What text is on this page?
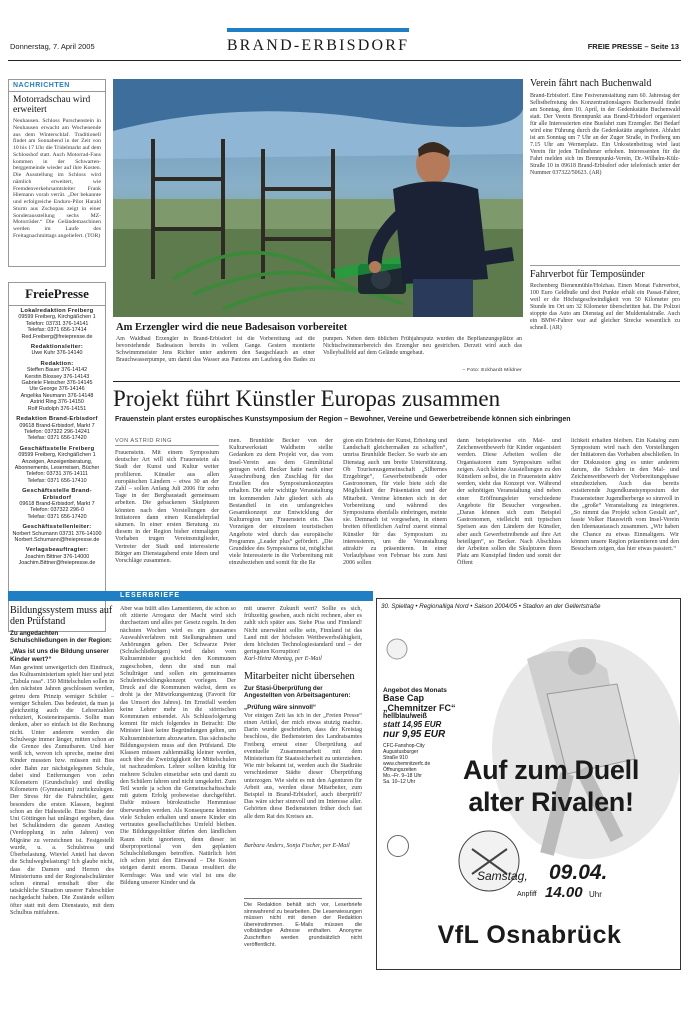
Donnerstag, 7. April 2005	BRAND-ERBISDORF	FREIE PRESSE – Seite 13
NACHRICHTEN
Motorradschau wird erweitert
Neuhausen. Schloss Purschenstein in Neuhausen erwacht am Wochenende aus dem Winterschlaf. Traditionell findet am Sonnabend in der Zeit von 10 bis 17 Uhr die Tridelmarkt auf dem Schlosshof statt. Auch Motorrad-Fans kommen in der Schwartenberggemeinde wieder auf ihre Kosten. Die Ausstellung im Schloss wird nämlich erweitert, wie Fremdenverkehrsamtsleiter Frank Hiemann vorab verrät. „Der bekannte und erfolgreiche Enduro-Pilot Harald Sturm aus Zschopau zeigt in einer Sonderausstellung sechs MZ-Motorräder.“ Die Geländemaschinen werden im Laufe des Freitagnachmittags angeliefert. (TOR)
FreiePresse
Lokalredaktion Freiberg
09599 Freiberg, Kirchgäßchen 1
Telefon: 03731 376-14141
Telefax: 0371 656-17414
Red.Freiberg@freiepresse.de
Redaktionsleiter:
Uwe Kuhr 376-14140
Redaktion:
Steffen Bauer 376-14142
Kerstin Blossey 376-14143
Gabriele Fleischer 376-14145
Ute George 376-14146
Angelika Neumann 376-14148
Astrid Ring 376-14150
Rolf Rudolph 376-14151
Redaktion Brand-Erbisdorf
09618 Brand-Erbisdorf, Markt 7
Telefon: 037322 296-14241
Telefax: 0371 656-17420
Geschäftsstelle Freiberg
09599 Freiberg, Kirchgäßchen 1
Anzeigen, Anzeigenberatung,
Abonnements, Leserreisen, Bücher
Telefon: 03731 376-14111
Telefax: 0371 656-17410
Geschäftsstelle Brand-Erbisdorf
09618 Brand-Erbisdorf, Markt 7
Telefon: 037322 296-0
Telefax: 0371 656-17420
Geschäftsstellenleiter:
Norbert Schumann 03731 376-14100
Norbert.Schumann@freiepresse.de
Verlagsbeauftragter:
Joachim Bittner 376-14000
Joachim.Bittner@freiepresse.de
Am Erzengler wird die neue Badesaison vorbereitet
Am Waldbad Erzengler in Brand-Erbisdorf ist die Vorbereitung auf die bevorstehende Badesaison bereits in vollem Gange. Gestern montierte Schwimmmeister Jens Richter unter anderem den Saugschlauch an einer Brauchwasserpumpe, um damit das Wasser aus Pantons am Laufsteg des Bades zu pumpen. Neben dem üblichen Frühjahrsputz wurden die Bepflanzungsplätze an Nichtschwimmerbereich des Erzengler neu gestrichen. Derzeit wird auch das Volleyballfeld auf dem Gelände umgebaut.
– Foto: Eckhardt Mildner
Verein fährt nach Buchenwald
Brand-Erbisdorf. Eine Festveranstaltung zum 60. Jahrestag der Selbstbefreiung des Konzentrationslagers Buchenwald findet am Sonntag, dem 10. April, in der Gedenkstätte Buchenwald statt. Der Verein Brennpunkt aus Brand-Erbisdorf organisiert für alle Interessierten eine Busfahrt zum Erzengler. Bei Bedarf wird eine Führung durch die Gedenkstätte angeboten. Abfahrt ist am Sonntag um 7 Uhr an der Zuger Straße, in Freiberg um 7.15 Uhr am Wernerplatz. Ein Unkostenbeitrag wird laut Verein für jeden Teilnehmer erhoben. Interessenten für die Fahrt melden sich im Brennpunkt-Verein, Dr.-Wilhelm-Külz-Straße 10 in 09618 Brand-Erbisdorf oder telefonisch unter der Nummer 037322/50623. (AR)
Fahrverbot für Temposünder
Rechenberg Bienenmühle/Holzhau. Einen Monat Fahrverbot, 100 Euro Geldbuße und drei Punkte erhält ein Passat-Fahrer, weil er die Höchstgeschwindigkeit von 50 Kilometer pro Stunde im Ort um 32 Kilometer überschritten hat. Die Polizei stoppte das Auto am Dienstag auf der Muldentalstraße. Auch ein BMW-Fahrer war auf gleicher Strecke wesentlich zu schnell. (AR)
Projekt führt Künstler Europas zusammen
Frauenstein plant erstes europäisches Kunstsymposium der Region – Bewohner, Vereine und Gewerbetreibende können sich einbringen
VON ASTRID RING
Frauenstein. Mit einem Symposium deutscher Art will sich Frauenstein als Stadt der Kunst und Kultur weiter profilieren. Künstler aus allen europäischen Ländern – etwa 30 an der Zahl – sollen Anfang Juli 2006 für zehn Tage in der Bergbaustadt gemeinsam arbeiten. Die gebackenen Skulpturen könnten nach den Vorstellungen der Initiatoren dann einen Kunstlehrpfad säumen. In einer ersten Beratung zu diesem in der Region bisher einmaligen Vorhaben trugen Vereinsmitglieder, Vertreter der Stadt und interessierte Bürger am Dienstagabend erste Ideen und Vorschläge zusammen.
men. Brunhilde Becker von der Kulturwerkstatt Waldheim stellte Gedanken zu dem Projekt vor, das vom Insel-Verein aus dem Gimmlitztal getragen wird. Becker hatte nach einer Ausschreibung den Zuschlag für das Erstellen des Symposiumkonzeptes erhalten. Die sehr wichtige Veranstaltung im kommenden Jahr gliedert sich als Bestandteil in ein umfangreiches Gesamtkonzept zur Entwicklung der Kulturregion um Frauenstein ein. Das Vorzeigen der einzelnen touristischen Angebote wird durch das europäische Programm „Leader plus“ gefördert. „Die Grundidee des Symposiums ist, möglichst viele Interessierte in die Vorbereitung mit einzubeziehen und somit für die Re
gion ein Erlebnis der Kunst, Erholung und Landschaft gleichermaßen zu schaffen“, umriss Brunhilde Becker. So warb sie am Dienstag auch um breite Unterstützung. Ob Tourismusgemeinschaft „Silbernes Erzgebirge“, Gewerbetreibende oder Gastronomen, für viele biete sich die Möglichkeit der Präsentation und der Mitarbeit. Vereine könnten sich in der Vorbereitung und während des Symposiums ebenfalls einbringen, meinte sie. Demnach ist vorgesehen, in einem breiten öffentlichen Aufruf zuerst einmal Künstler für das Symposium zu interessieren, um die Veranstaltung attraktiv zu präsentieren. In einer Vorlaufphase von Februar bis zum Juni 2006 sollen
dann beispielsweise ein Mal- und Zeichenwettbewerb für Kinder organisiert werden. Diese Arbeiten wollen die Organisatoren zum Symposium selbst zeigen. Auch kleine Ausstellungen zu den Künstlern selbst, die in Frauenstein aktiv werden, sieht das Konzept vor. Während der sehnötigen Veranstaltung sind neben einer Eröffnungsfeier verschiedene Angebote für Besucher vorgesehen. „Daran können sich zum Beispiel Gastronomen, vielleicht mit typischen Speisen aus den Ländern der Künstler, aber auch Gewerbetreibende auf ihre Art beteiligen“, so Becker. Nach Abschluss der Arbeiten sollen die Skulpturen ihren Platz am Kunstpfad finden und somit der Öffent
lichkeit erhalten bleiben. Ein Katalog zum Symposium wird nach den Vorstellungen der Initiatoren das Vorhaben abschließen. In der Diskussion ging es unter anderem darum, die Schulen in den Mal- und Zeichenwettbewerb der Vorbereitungsphase einzubeziehen. Auch das bereits existierende Jugendkunstsymposium der Frauensteiner Jugendherberge so sinnvoll in die „große“ Veranstaltung zu integrieren. „So nimmt das Projekt schon Gestalt an“, fasste Volker Hauswirth vom Insel-Verein den Ideenaustausch zusammen. „Wir haben die Chance zu etwas Einmaligem. Wir können unsere Region präsentieren und den Besuchern zeigen, das hier etwas passiert.“
LESERBRIEFE
Bildungssystem muss auf den Prüfstand
Zu angedachten Schulschließungen in der Region:
„Was ist uns die Bildung unserer Kinder wert?“
Man gewinnt unweigerlich den Eindruck, das Kultusministerium spielt hier und jetzt „Tabula rasa“. 150 Mittelschulen sollen in den nächsten Jahren geschlossen werden, getreu dem Prinzip weniger Schüler – weniger Schulen. Das bedeutet, da man ja gleichzeitig auch die Lehrerzahlen reduziert, Kosteneinsparnis. Sollte man denken, aber so einfach ist die Rechnung nicht. Unter anderem werden die Schulwege immer länger, mitten schon an die Grenze des Zumutbaren. Und hier weiß ich, wovon ich spreche, meine drei Kinder mussten bzw. müssen mit Bus oder Bahn zur nächstgelegenen Schule, dabei sind Entfernungen von zehn Kilometern (Grundschule) und dreißig Kilometern (Gymnasium) zurückzulegen. Der Stress für die Fahrschüler, ganz besonders die ersten Klassen, beginnt schon an der Haltestelle. Eine Studie der Uni Göttingen hat unlängst ergeben, dass bei Schulkindern die ganzen Anstieg (Verdopplung in zehn Jahren) von Migräne zu verzeichnen ist. Festgestellt wurde, u. a. Schulstress und Überbelastung. Wieviel Anteil hat davon die Schulwegbelastung? Ich glaube nicht, dass die Damen und Herren des Ministeriums und der Regionalschulämter schon einmal ernsthaft über die tatsächliche Situation unserer Fahrschüler nachgedacht haben. Die Zustände sollten öfter statt mit dem Dienstauto, mit dem Schulbus mitfahren.
Aber was hülft alles Lamentieren, die schon so oft zitierte Arroganz der Macht wird sich durchsetzen und alles per Gesetz regeln. In den nächsten Wochen wird es ein grausames Auswahlverfahren mit Stellungnahmen und Anhörungen geben. Der Schwarze Peter (Schulschließungen) wird dabei vom Kultusminister geschickt den Kommunen zugeschoben, denn die sind nun mal Schulträger und sollen ein gemeinsames Schulentwicklungskonzept vorlegen. Der Druck auf die Kommunen wächst, denn es droht ja der Mitwirkungsentzug (Favorit für das Umsort des Jahres). Im Ernstfall werden keine Lehrer mehr in die störrischen Kommunen entsendet. Als Schlussfolgerung kommt für mich folgendes in Betracht: Die Minister lässt keine Begründungen gelten, um Kultusministerium abzuwarten. Das sächsische Bildungssystem muss auf den Prüfstand. Die Klassen müssen zahlenmäßig kleiner werden, auch über die Zweizügigkeit der Mittelschulen ist nachzudenken. Lehrer sollten künftig für mehrere Schulen einsetzbar sein und damit zu den Schülern fahren und nicht umgekehrt. Zum Teil wurde ja schon die Gemeinschaftsschule mit gutem Erfolg probeweise durchgeführt. Dafür müssen bürokratische Hemmnisse überwunden werden. Als Konsequenz könnten viele Schulen erhalten und unsere Kinder ein vertrautes gesellschaftliches Umfeld bleiben. Die Bildungspolitiker dürfen den ländlichen Raum nicht ignorieren, denn dieser ist überproportional von den geplanten Schulschließungen betroffen. Natürlich hört ich schon jetzt den Einwand – Die Kosten steigen damit enorm. Daraus resultiert die Kernfrage: Was und wie viel ist uns die Bildung unserer Kinder und da
mit unserer Zukunft wert? Sollte es sich, frühzeitig gesehen, auch nicht rechnen, aber es zahlt sich später aus. Siehe Pisa und Finnland! Nicht unerwähnt sollte sein, Finnland ist das Land mit der höchsten Wettbewerbsfähigkeit, dem höchsten Technologiestandard und – der geringsten Korruption!
Karl-Heinz Montag, per E-Mail
Mitarbeiter nicht übersehen
Zur Stasi-Überprüfung der Angestellten von Arbeitsagenturen:
„Prüfung wäre sinnvoll“
Vor einigen Zeit las ich in der „Freien Presse“ einen Artikel, der mich etwas stutzig machte. Darin wurde geschrieben, dass der Kreistag beschloss, die Bediensteten des Landratsamtes Freiberg erneut einer Überprüfung auf eventuelle Zusammenarbeit mit dem Ministerium für Staatssicherheit zu unterziehen. Wie mir bekannt ist, werden auch die Stadträte verschiedener Städte dieser Überprüfung unterzogen. Wie sieht es mit den Agenturen für Arbeit aus, werden diese Mitarbeiter, zum Beispiel in Brand-Erbisdorf, auch überprüft? Das wäre sicher sinnvoll und im Interesse aller. Gehörten diese Bediensteten früher doch fast alle dem Rat des Kreises an.
Barbara Anders, Sonja Fischer, per E-Mail
Die Redaktion behält sich vor, Leserbriefe sinnwahrend zu bearbeiten. Die Leserwiesungen müssen nicht mit denen der Redaktion übereinstimmen. E-Mails müssen die vollständige Adresse enthalten. Anonyme Zuschriften werden grundsätzlich nicht veröffentlicht.
30. Spieltag • Regionalliga Nord • Saison 2004/05 • Stadion an der Gellertstraße
Angebot des Monats
Base Cap „Chemnitzer FC“
hellblau/weiß
statt 14,95 EUR
nur 9,95 EUR
CFC-Fanshop-City
Augustusburger
Straße 910
www.chemnitzerfc.de
Öffnungszeiten
Mo.–Fr. 9–18 Uhr
Sa. 10–12 Uhr	Auf zum Duell
alter Rivalen!
Samstag, 09.04.
Anpfiff 14.00 Uhr
VfL Osnabrück
